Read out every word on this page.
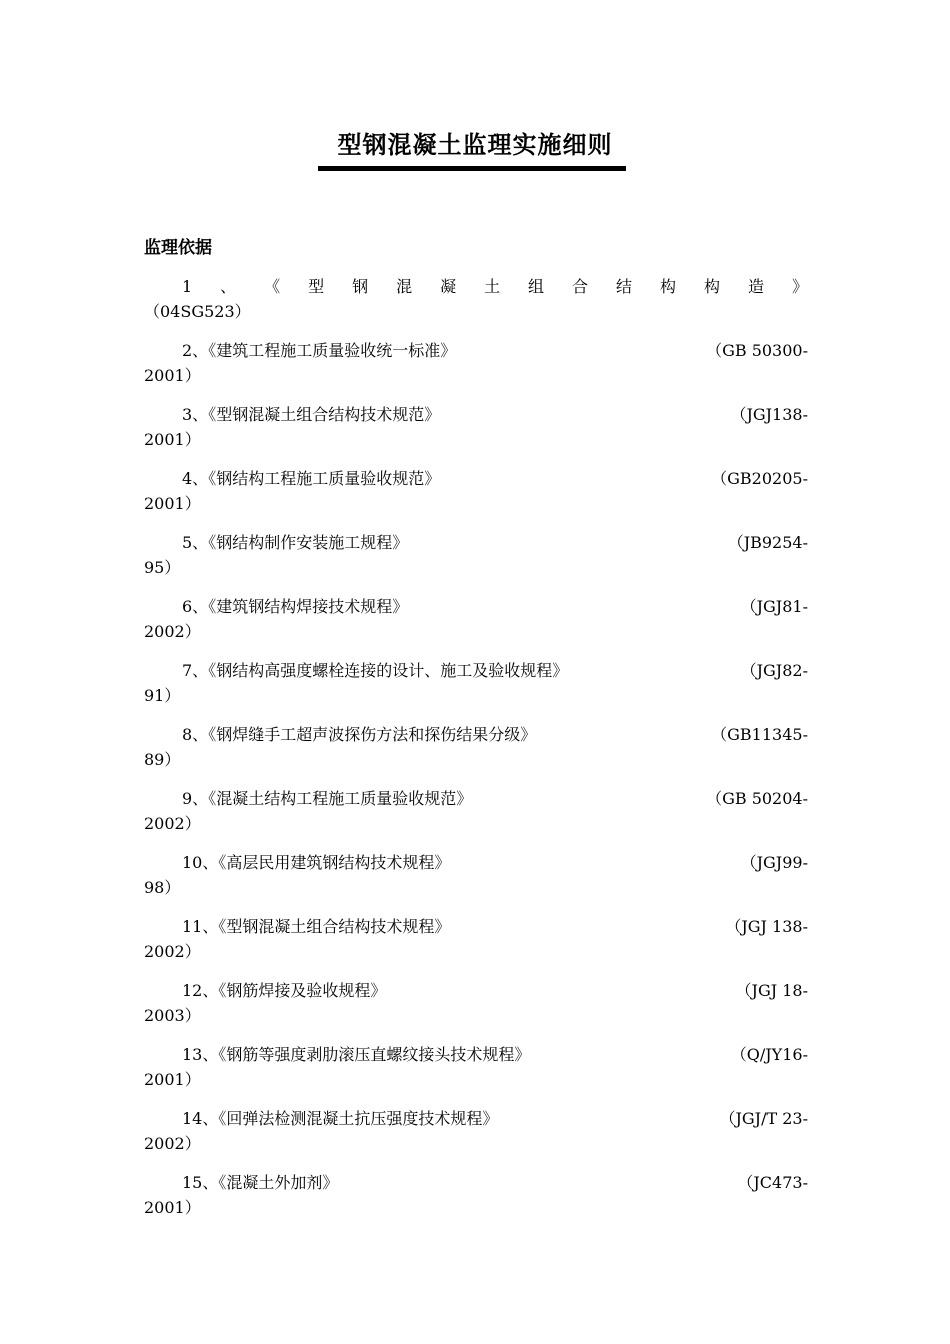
型钢混凝土监理实施细则
监理依据
1 、 《 型 钢 混 凝 土 组 合 结 构 构 造 》
（04SG523）
2、《建筑工程施工质量验收统一标准》	（GB 50300-
2001）
3、《型钢混凝土组合结构技术规范》	（JGJ138-
2001）
4、《钢结构工程施工质量验收规范》	（GB20205-
2001）
5、《钢结构制作安装施工规程》	（JB9254-
95）
6、《建筑钢结构焊接技术规程》	（JGJ81-
2002）
7、《钢结构高强度螺栓连接的设计、施工及验收规程》	（JGJ82-
91）
8、《钢焊缝手工超声波探伤方法和探伤结果分级》	（GB11345-
89）
9、《混凝土结构工程施工质量验收规范》	（GB 50204-
2002）
10、《高层民用建筑钢结构技术规程》	（JGJ99-
98）
11、《型钢混凝土组合结构技术规程》	（JGJ 138-
2002）
12、《钢筋焊接及验收规程》	（JGJ 18-
2003）
13、《钢筋等强度剥肋滚压直螺纹接头技术规程》	（Q/JY16-
2001）
14、《回弹法检测混凝土抗压强度技术规程》	（JGJ/T 23-
2002）
15、《混凝土外加剂》	（JC473-
2001）
